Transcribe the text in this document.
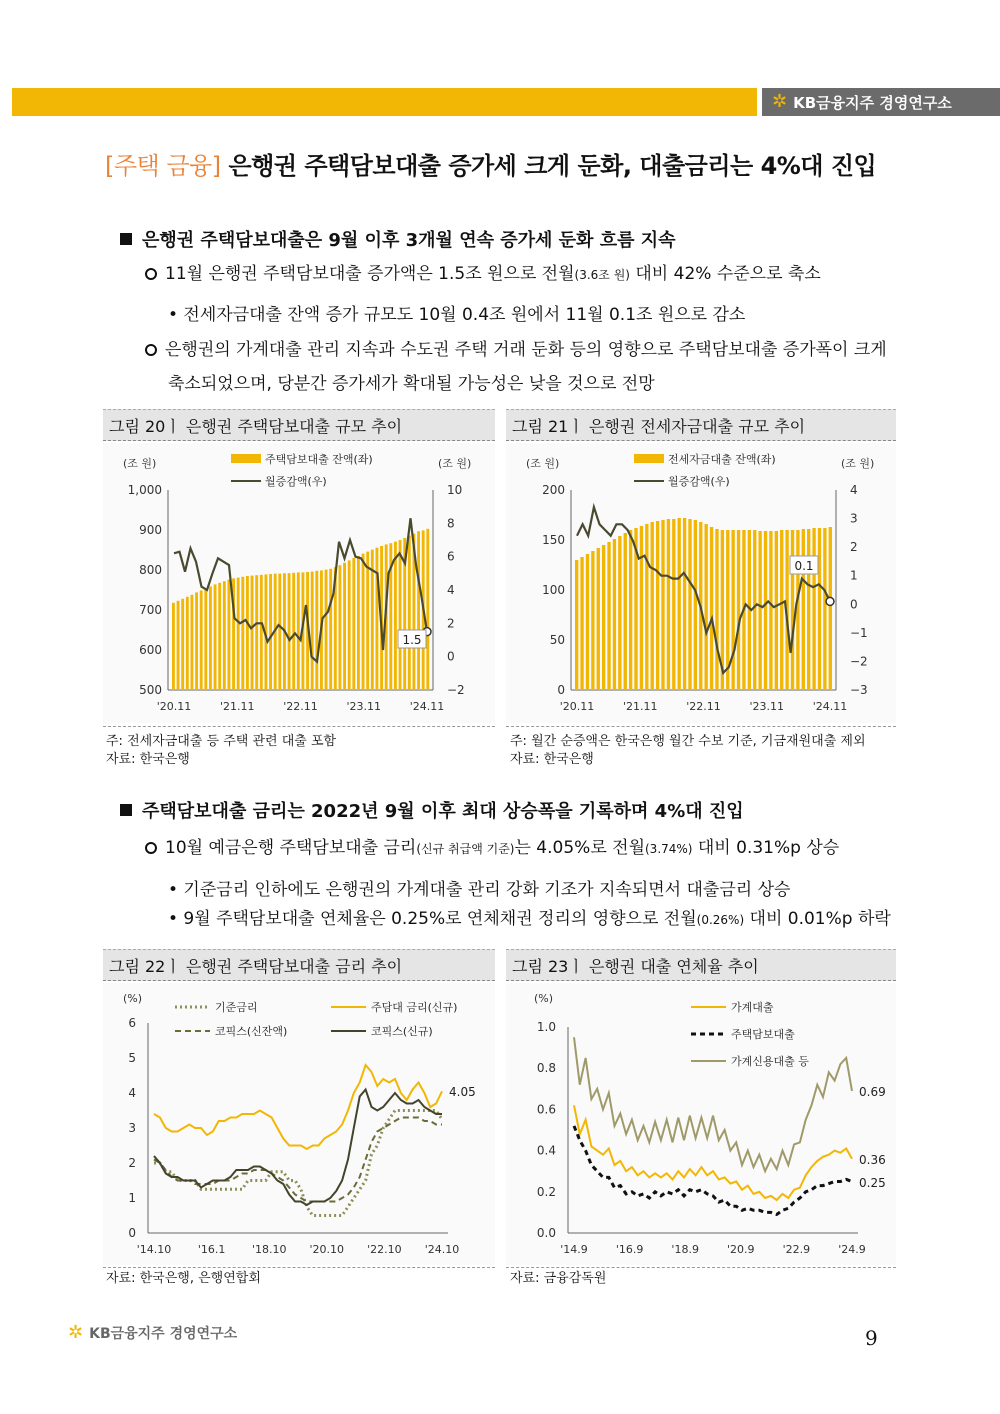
✲ KB금융지주 경영연구소
[주택 금융] 은행권 주택담보대출 증가세 크게 둔화, 대출금리는 4%대 진입
은행권 주택담보대출은 9월 이후 3개월 연속 증가세 둔화 흐름 지속
11월 은행권 주택담보대출 증가액은 1.5조 원으로 전월(3.6조 원) 대비 42% 수준으로 축소
• 전세자금대출 잔액 증가 규모도 10월 0.4조 원에서 11월 0.1조 원으로 감소
은행권의 가계대출 관리 지속과 수도권 주택 거래 둔화 등의 영향으로 주택담보대출 증가폭이 크게
축소되었으며, 당분간 증가세가 확대될 가능성은 낮을 것으로 전망
그림 20ㅣ 은행권 주택담보대출 규모 추이	그림 21ㅣ 은행권 전세자금대출 규모 추이
1,000
900
800
700
600
500
10
8
6
4
2
0
−2
(조 원)	(조 원)
주택담보대출 잔액(좌)
월증감액(우)
'20.11	'21.11	'22.11	'23.11	'24.11
1.5
200
150
100
50
0
4
3
2
1
0
−1
−2
−3
(조 원)	(조 원)
전세자금대출 잔액(좌)
월증감액(우)
'20.11	'21.11	'22.11	'23.11	'24.11
0.1
주: 전세자금대출 등 주택 관련 대출 포함
자료: 한국은행
주: 월간 순증액은 한국은행 월간 수보 기준, 기금재원대출 제외
자료: 한국은행
주택담보대출 금리는 2022년 9월 이후 최대 상승폭을 기록하며 4%대 진입
10월 예금은행 주택담보대출 금리(신규 취급액 기준)는 4.05%로 전월(3.74%) 대비 0.31%p 상승
• 기준금리 인하에도 은행권의 가계대출 관리 강화 기조가 지속되면서 대출금리 상승
• 9월 주택담보대출 연체율은 0.25%로 연체채권 정리의 영향으로 전월(0.26%) 대비 0.01%p 하락
그림 22ㅣ 은행권 주택담보대출 금리 추이	그림 23ㅣ 은행권 대출 연체율 추이
6
5
4
3
2
1
0
(%)
'14.10 '16.1 '18.10 '20.10 '22.10 '24.10
기준금리	주담대 금리(신규)
코픽스(신잔액)	코픽스(신규)
4.05
1.0
0.8
0.6
0.4
0.2
0.0
(%)
'14.9	'16.9	'18.9	'20.9	'22.9	'24.9
가계대출
주택담보대출
가계신용대출 등
0.69
0.36
0.25
자료: 한국은행, 은행연합회	자료: 금융감독원
✲ KB금융지주 경영연구소	9
